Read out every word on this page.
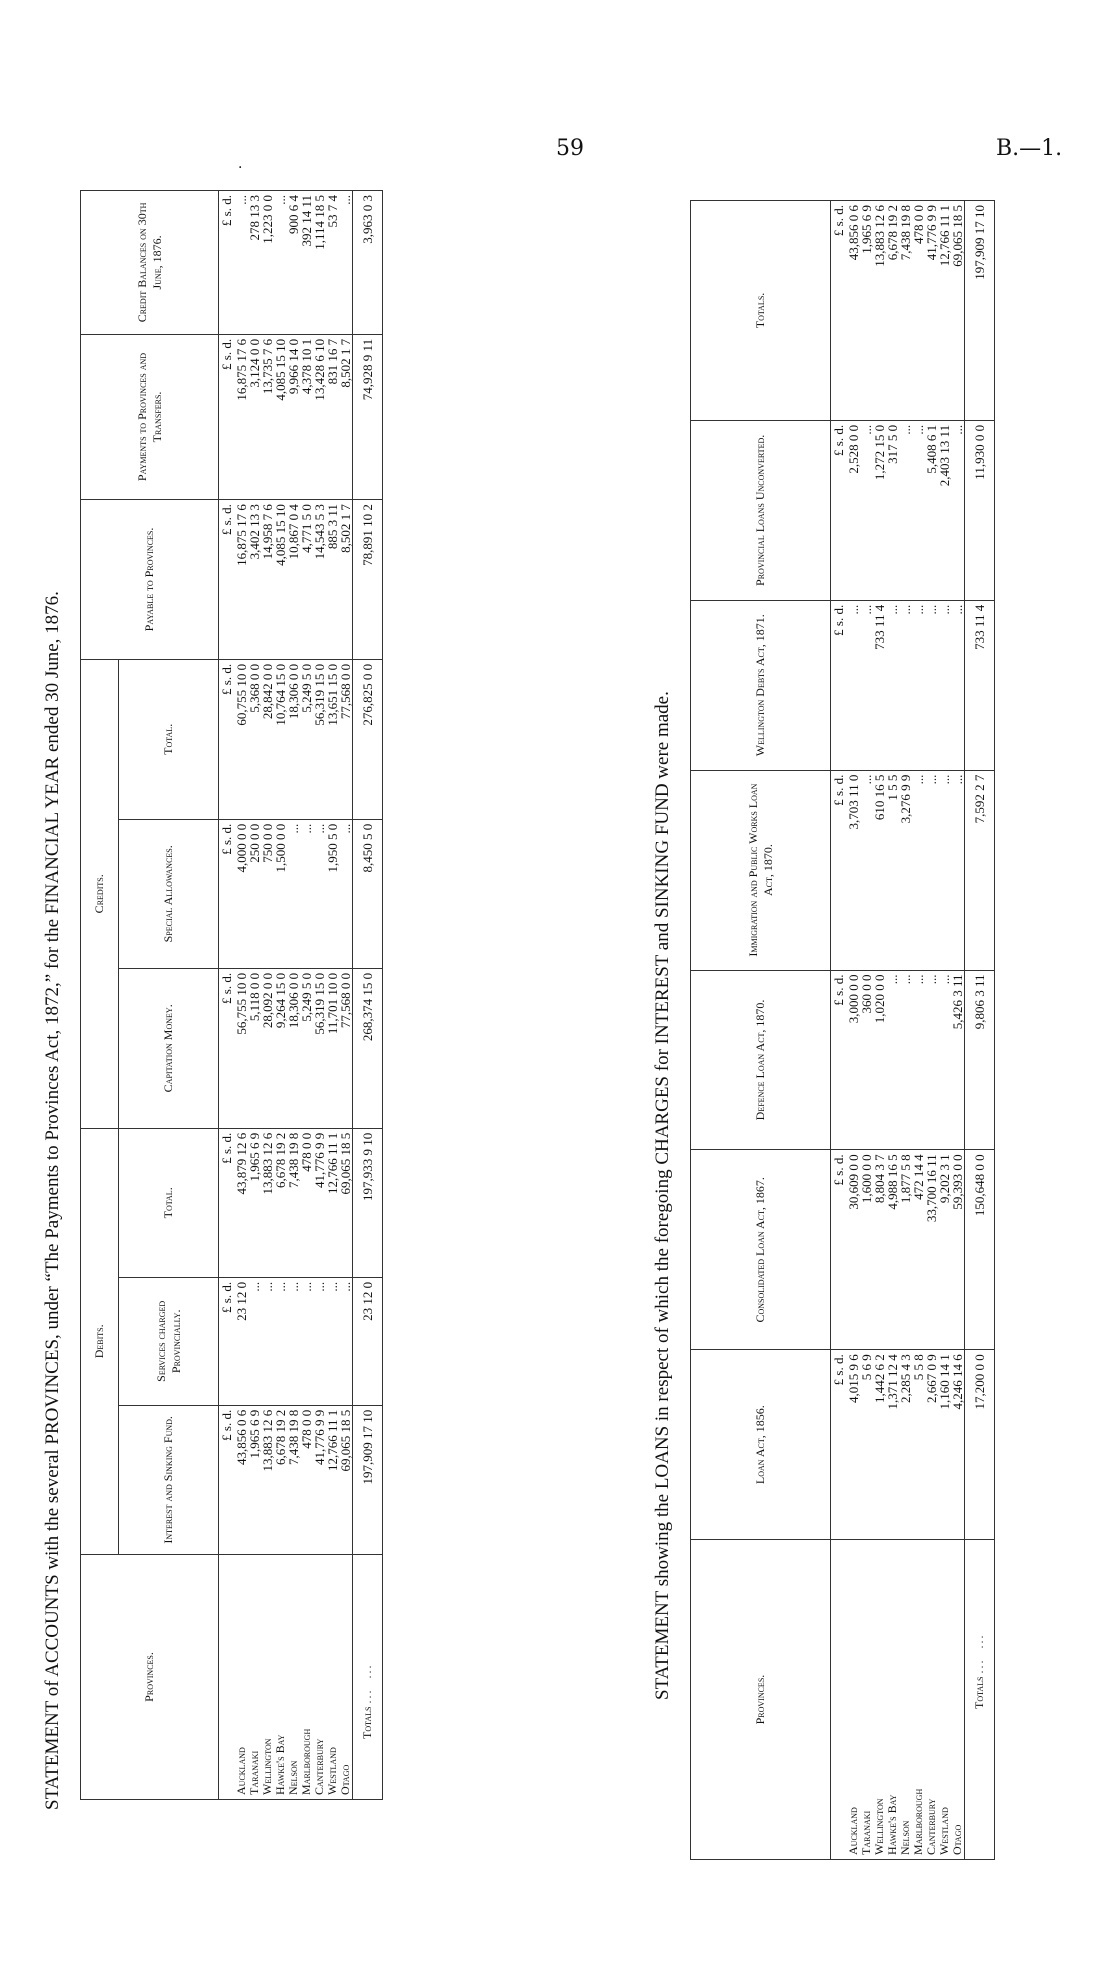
59	B.—1.
·
STATEMENT of ACCOUNTS with the several PROVINCES, under “The Payments to Provinces Act, 1872,” for the FINANCIAL YEAR ended 30 June, 1876.	Provinces.	Debits.			Credits.			Payable to Provinces.	Payments to Provinces and Transfers.	Credit Balances on 30th June, 1876.
	Interest and Sinking Fund.	Services charged Provincially.	Total.	Capitation Money.	Special Allowances.	Total.			
	£ s. d.	£ s. d.	£ s. d.	£ s. d.	£ s. d.	£ s. d.	£ s. d.	£ s. d.	£ s. d.
Auckland	43,856 0 6	23 12 0	43,879 12 6	56,755 10 0	4,000 0 0	60,755 10 0	16,875 17 6	16,875 17 6	...
Taranaki	1,965 6 9	...	1,965 6 9	5,118 0 0	250 0 0	5,368 0 0	3,402 13 3	3,124 0 0	278 13 3
Wellington	13,883 12 6	...	13,883 12 6	28,092 0 0	750 0 0	28,842 0 0	14,958 7 6	13,735 7 6	1,223 0 0
Hawke's Bay	6,678 19 2	...	6,678 19 2	9,264 15 0	1,500 0 0	10,764 15 0	4,085 15 10	4,085 15 10	...
Nelson	7,438 19 8	...	7,438 19 8	18,306 0 0	...	18,306 0 0	10,867 0 4	9,966 14 0	900 6 4
Marlborough	478 0 0	...	478 0 0	5,249 5 0	...	5,249 5 0	4,771 5 0	4,378 10 1	392 14 11
Canterbury	41,776 9 9	...	41,776 9 9	56,319 15 0	...	56,319 15 0	14,543 5 3	13,428 6 10	1,114 18 5
Westland	12,766 11 1	...	12,766 11 1	11,701 10 0	1,950 5 0	13,651 15 0	885 3 11	831 16 7	53 7 4
Otago	69,065 18 5	...	69,065 18 5	77,568 0 0	...	77,568 0 0	8,502 1 7	8,502 1 7	...
Totals ...  ...	197,909 17 10	23 12 0	197,933 9 10	268,374 15 0	8,450 5 0	276,825 0 0	78,891 10 2	74,928 9 11	3,963 0 3
STATEMENT showing the LOANS in respect of which the foregoing CHARGES for INTEREST and SINKING FUND were made.	Provinces.	Loan Act, 1856.	Consolidated Loan Act, 1867.	Defence Loan Act, 1870.	Immigration and Public Works Loan Act, 1870.	Wellington Debts Act, 1871.	Provincial Loans Unconverted.	Totals.
	£ s. d.	£ s. d.	£ s. d.	£ s. d.	£ s. d.	£ s. d.	£ s. d.
Auckland	4,015 9 6	30,609 0 0	3,000 0 0	3,703 11 0	...	2,528 0 0	43,856 0 6
Taranaki	5 6 9	1,600 0 0	360 0 0	...	...	...	1,965 6 9
Wellington	1,442 6 2	8,804 3 7	1,020 0 0	610 16 5	733 11 4	1,272 15 0	13,883 12 6
Hawke's Bay	1,371 12 4	4,988 16 5	...	1 5 5	...	317 5 0	6,678 19 2
Nelson	2,285 4 3	1,877 5 8	...	3,276 9 9	...	...	7,438 19 8
Marlborough	5 5 8	472 14 4	...	...	...	...	478 0 0
Canterbury	2,667 0 9	33,700 16 11	...	...	...	5,408 6 1	41,776 9 9
Westland	1,160 14 1	9,202 3 1	...	...	...	2,403 13 11	12,766 11 1
Otago	4,246 14 6	59,393 0 0	5,426 3 11	...	...	...	69,065 18 5
Totals ...  ...	17,200 0 0	150,648 0 0	9,806 3 11	7,592 2 7	733 11 4	11,930 0 0	197,909 17 10
